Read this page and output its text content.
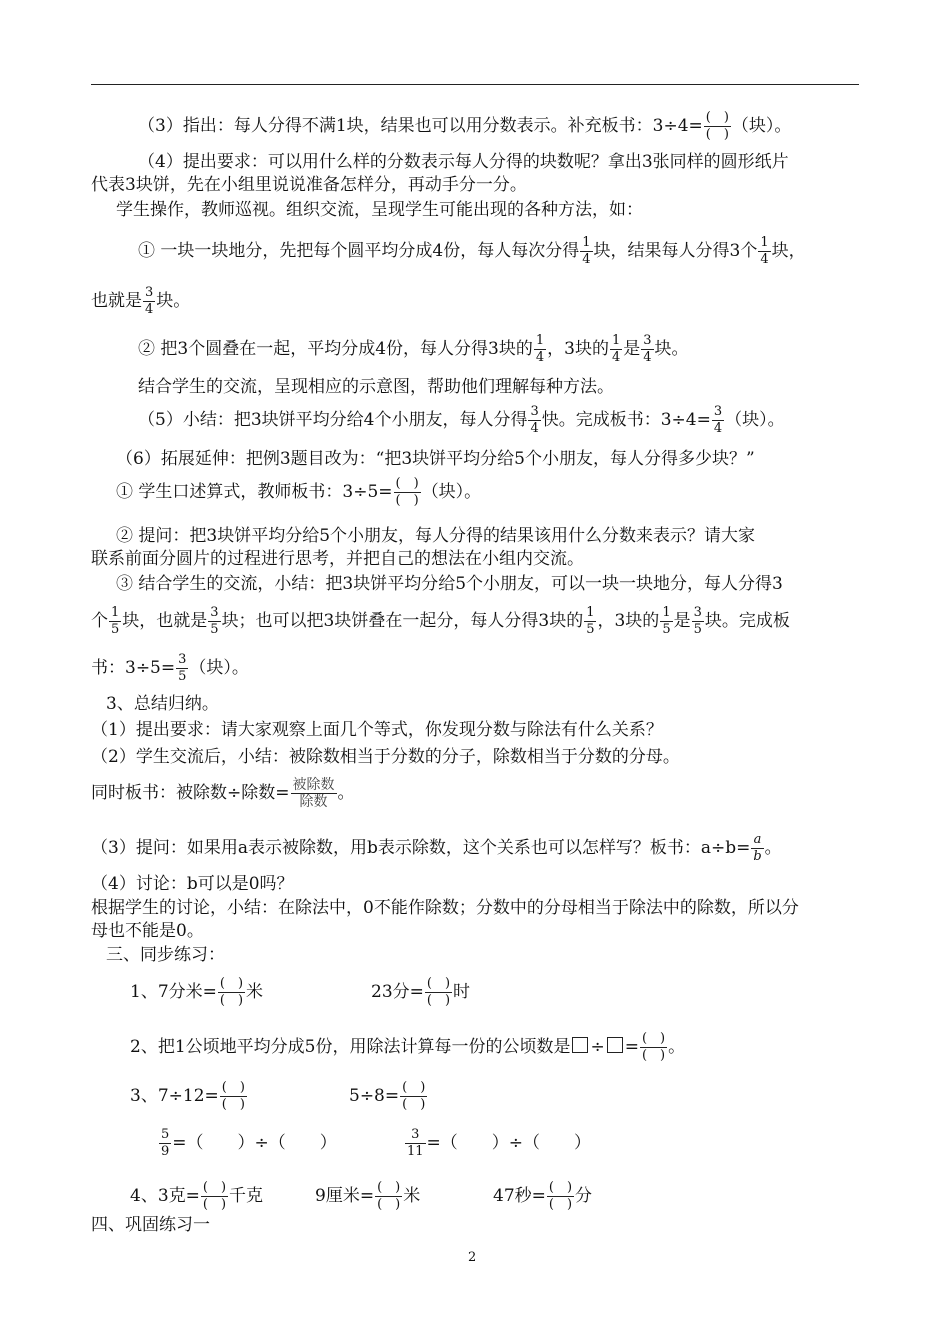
（3）指出：每人分得不满1块，结果也可以用分数表示。补充板书：3÷4= (　)
(　) （块）。
（4）提出要求：可以用什么样的分数表示每人分得的块数呢？拿出3张同样的圆形纸片
代表3块饼，先在小组里说说准备怎样分，再动手分一分。
学生操作，教师巡视。组织交流，呈现学生可能出现的各种方法，如：
① 一块一块地分，先把每个圆平均分成4份，每人每次分得 $\frac{1}{4}$ 块，结果每人分得3个 $\frac{1}{4}$ 块，
也就是 $\frac{3}{4}$ 块。
② 把3个圆叠在一起，平均分成4份，每人分得3块的 $\frac{1}{4}$ ，3块的 $\frac{1}{4}$ 是 $\frac{3}{4}$ 块。
结合学生的交流，呈现相应的示意图，帮助他们理解每种方法。
（5）小结：把3块饼平均分给4个小朋友，每人分得 $\frac{3}{4}$ 快。完成板书：$3\div 4= \frac{3}{4}$ （块）。
（6）拓展延伸：把例3题目改为：“把3块饼平均分给5个小朋友，每人分得多少块？”
① 学生口述算式，教师板书：3÷5= (　)
(　) （块）。
② 提问：把3块饼平均分给5个小朋友，每人分得的结果该用什么分数来表示？请大家
联系前面分圆片的过程进行思考，并把自己的想法在小组内交流。
③ 结合学生的交流，小结：把3块饼平均分给5个小朋友，可以一块一块地分，每人分得3
个 $\frac{1}{5}$ 块，也就是 $\frac{3}{5}$ 块；也可以把3块饼叠在一起分，每人分得3块的 $\frac{1}{5}$ ，3块的 $\frac{1}{5}$ 是 $\frac{3}{5}$ 块。完成板
书：$3\div 5= \frac{3}{5}$ （块）。
3、总结归纳。
（1）提出要求：请大家观察上面几个等式，你发现分数与除法有什么关系？
（2）学生交流后，小结：被除数相当于分数的分子，除数相当于分数的分母。
同时板书：被除数÷除数= 被除数
除数 。
（3）提问：如果用a表示被除数，用b表示除数，这个关系也可以怎样写？板书：$a\div b= \frac{a}{b}$ 。
（4）讨论：b可以是0吗？
根据学生的讨论，小结：在除法中，0不能作除数；分数中的分母相当于除法中的除数，所以分
母也不能是0。
三、同步练习：
1、7分米= (　)
(　) 米	23分= (　)
(　) 时
2、把1公顷地平均分成5份，用除法计算每一份的公顷数是 ÷ = (　)
(　) 。
3、7÷12= (　)
(　)	5÷8= (　)
(　)
$\frac{5}{9}$ =（　　）÷（　　）	$\frac{3}{11}$ =（　　）÷（　　）
4、3克= (　)
(　) 千克	9厘米= (　)
(　) 米	47秒= (　)
(　) 分
四、巩固练习一
2
